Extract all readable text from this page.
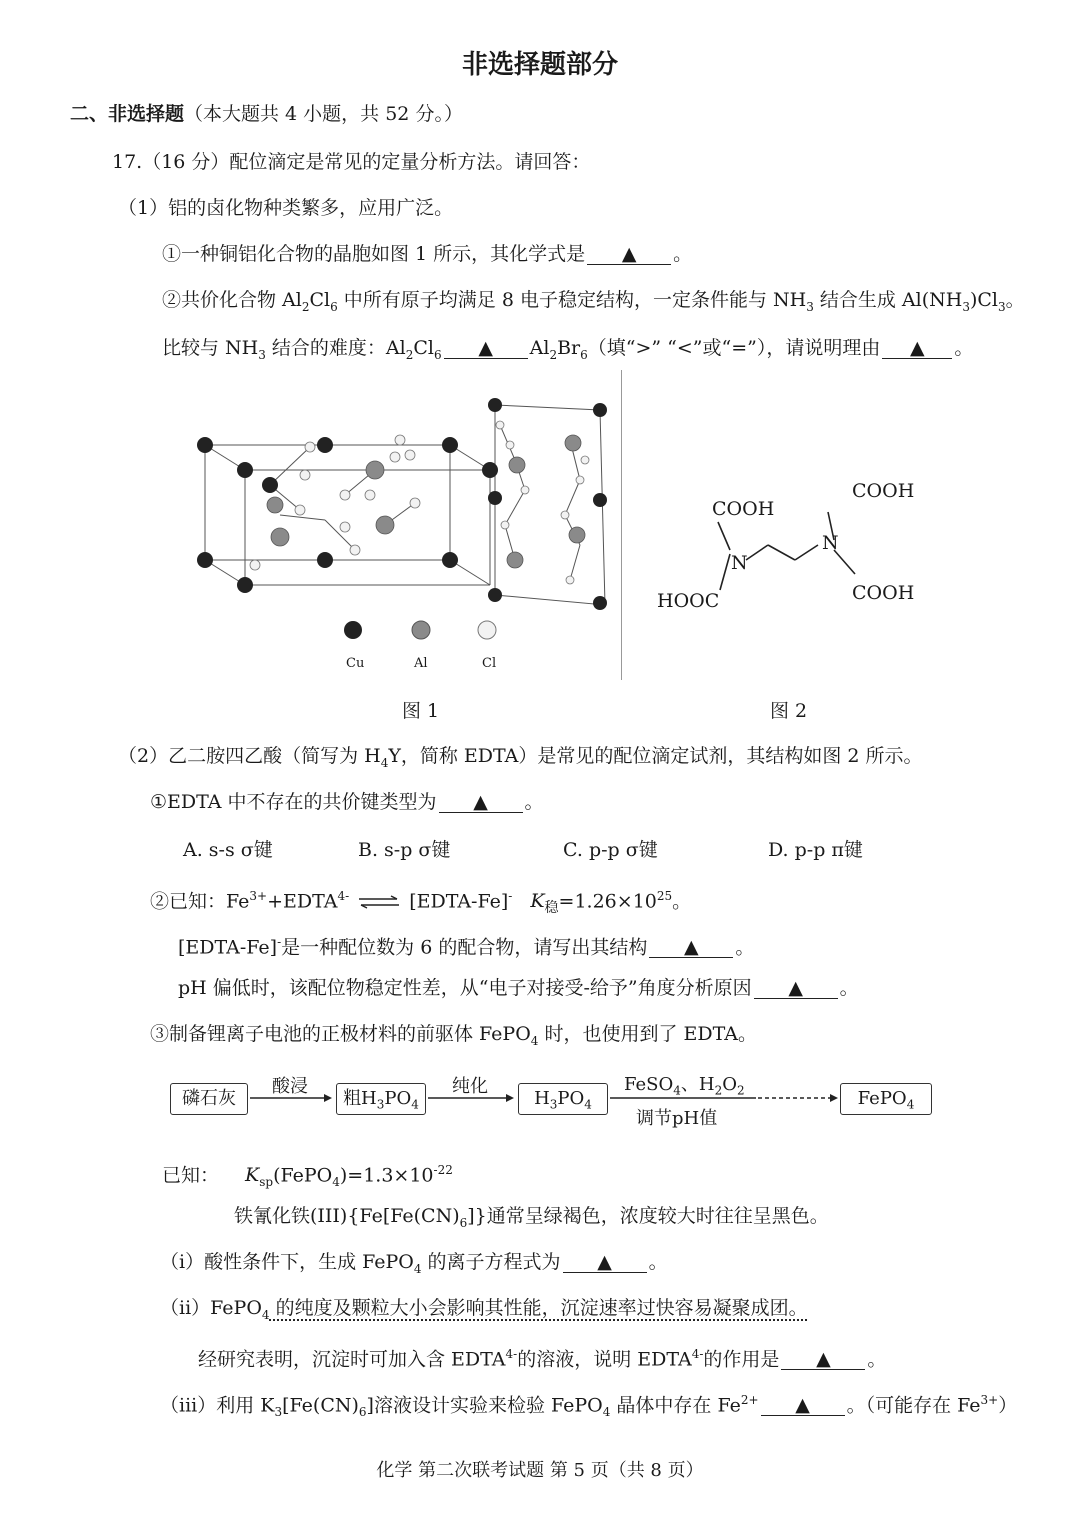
非选择题部分
二、非选择题（本大题共 4 小题，共 52 分。）
17.（16 分）配位滴定是常见的定量分析方法。请回答：
（1）铝的卤化物种类繁多，应用广泛。
①一种铜铝化合物的晶胞如图 1 所示，其化学式是 ▲ 。
②共价化合物 $Al_2Cl_6$ 中所有原子均满足 8 电子稳定结构，一定条件能与 $NH_3$ 结合生成 $Al(NH_3)Cl_3$。
比较与 $NH_3$ 结合的难度：$Al_2Cl_6$ ▲ $Al_2Br_6$（填“>” “<”或“=”），请说明理由 ▲ 。
Cu	Al	Cl
COOH
COOH
N
N
HOOC	COOH
图 1	图 2
（2）乙二胺四乙酸（简写为 $H_4Y$，简称 EDTA）是常见的配位滴定试剂，其结构如图 2 所示。
①EDTA 中不存在的共价键类型为 ▲ 。
A. s-s σ键	B. s-p σ键	C. p-p σ键	D. p-p π键
②已知：$Fe^{3+}+EDTA^{4-}$ ⇌ [EDTA-Fe]- $K_稳=1.26\times 10^{25}$。
[EDTA-Fe]-是一种配位数为 6 的配合物，请写出其结构 ▲ 。
pH 偏低时，该配位物稳定性差，从“电子对接受-给予”角度分析原因 ▲ 。
③制备锂离子电池的正极材料的前驱体 FePO$_4$ 时，也使用到了 EDTA。
磷石灰
酸浸
粗$H_3PO_4$
纯化
$H_3PO_4$
FeSO$_4$、$H_2O_2$
调节pH值
FePO$_4$
已知： $K_{sp}(FePO_4)=1.3\times 10^{-22}$
铁氰化铁$(III)\{Fe[Fe(CN)_6]\}$通常呈绿褐色，浓度较大时往往呈黑色。
（i）酸性条件下，生成 FePO$_4$ 的离子方程式为 ▲ 。
（ii）FePO$_4$ 的纯度及颗粒大小会影响其性能，沉淀速率过快容易凝聚成团。
经研究表明，沉淀时可加入含 $EDTA^{4-}$的溶液，说明 $EDTA^{4-}$的作用是 ▲ 。
（iii）利用 $K_3[Fe(CN)_6]$溶液设计实验来检验 FePO$_4$ 晶体中存在 $Fe^{2+}$ ▲ 。（可能存在 $Fe^{3+}$）
化学 第二次联考试题 第 5 页（共 8 页）
